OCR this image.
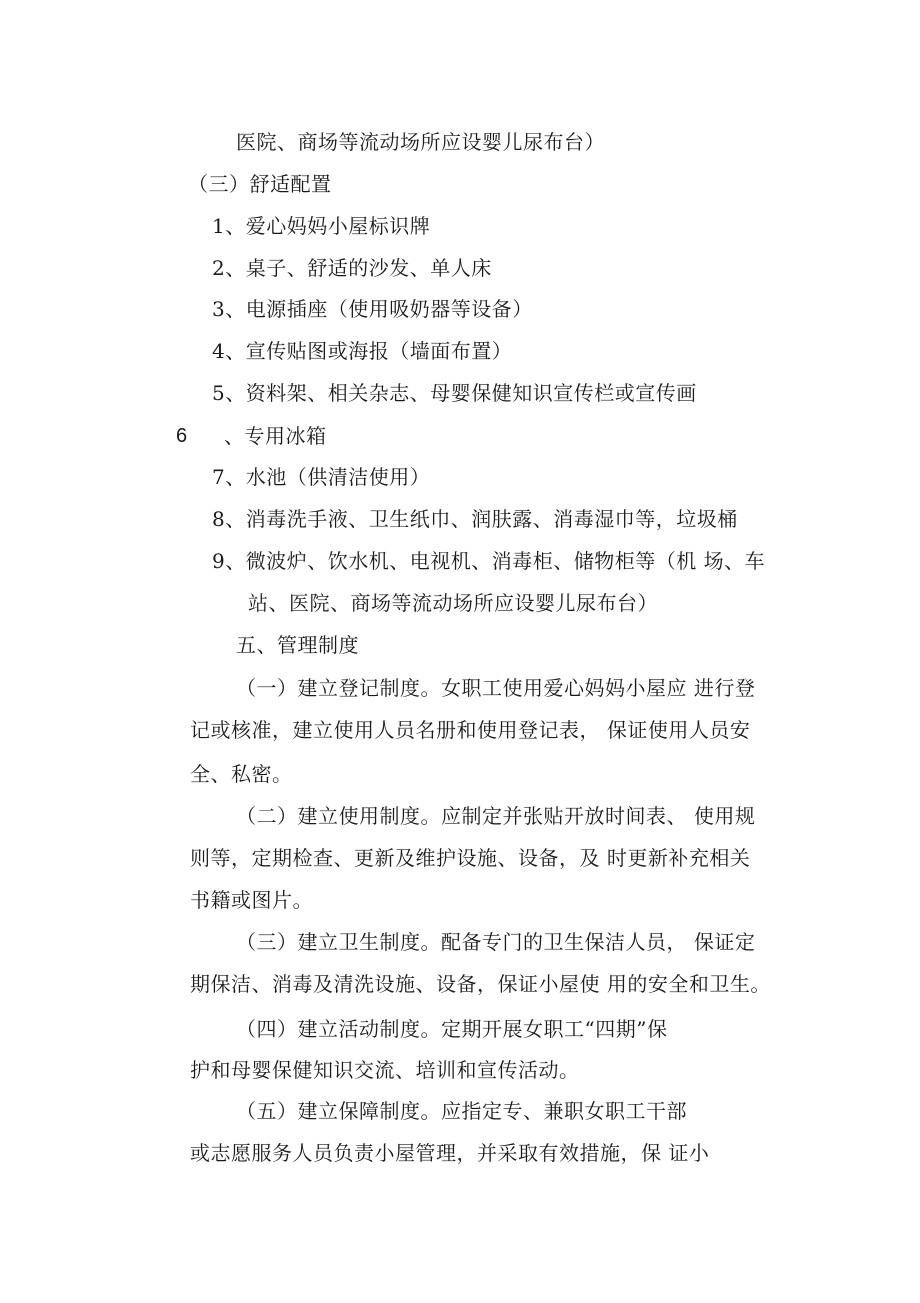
医院、商场等流动场所应设婴儿尿布台）
（三）舒适配置
1、爱心妈妈小屋标识牌
2、桌子、舒适的沙发、单人床
3、电源插座（使用吸奶器等设备）
4、宣传贴图或海报（墙面布置）
5、资料架、相关杂志、母婴保健知识宣传栏或宣传画
6 、专用冰箱
7、水池（供清洁使用）
8、消毒洗手液、卫生纸巾、润肤露、消毒湿巾等，垃圾桶
9、微波炉、饮水机、电视机、消毒柜、储物柜等（机 场、车
站、医院、商场等流动场所应设婴儿尿布台）
五、管理制度
（一）建立登记制度。女职工使用爱心妈妈小屋应 进行登
记或核准，建立使用人员名册和使用登记表， 保证使用人员安
全、私密。
（二）建立使用制度。应制定并张贴开放时间表、 使用规
则等，定期检查、更新及维护设施、设备，及 时更新补充相关
书籍或图片。
（三）建立卫生制度。配备专门的卫生保洁人员， 保证定
期保洁、消毒及清洗设施、设备，保证小屋使 用的安全和卫生。
（四）建立活动制度。定期开展女职工“四期”保
护和母婴保健知识交流、培训和宣传活动。
（五）建立保障制度。应指定专、兼职女职工干部
或志愿服务人员负责小屋管理，并采取有效措施，保 证小
